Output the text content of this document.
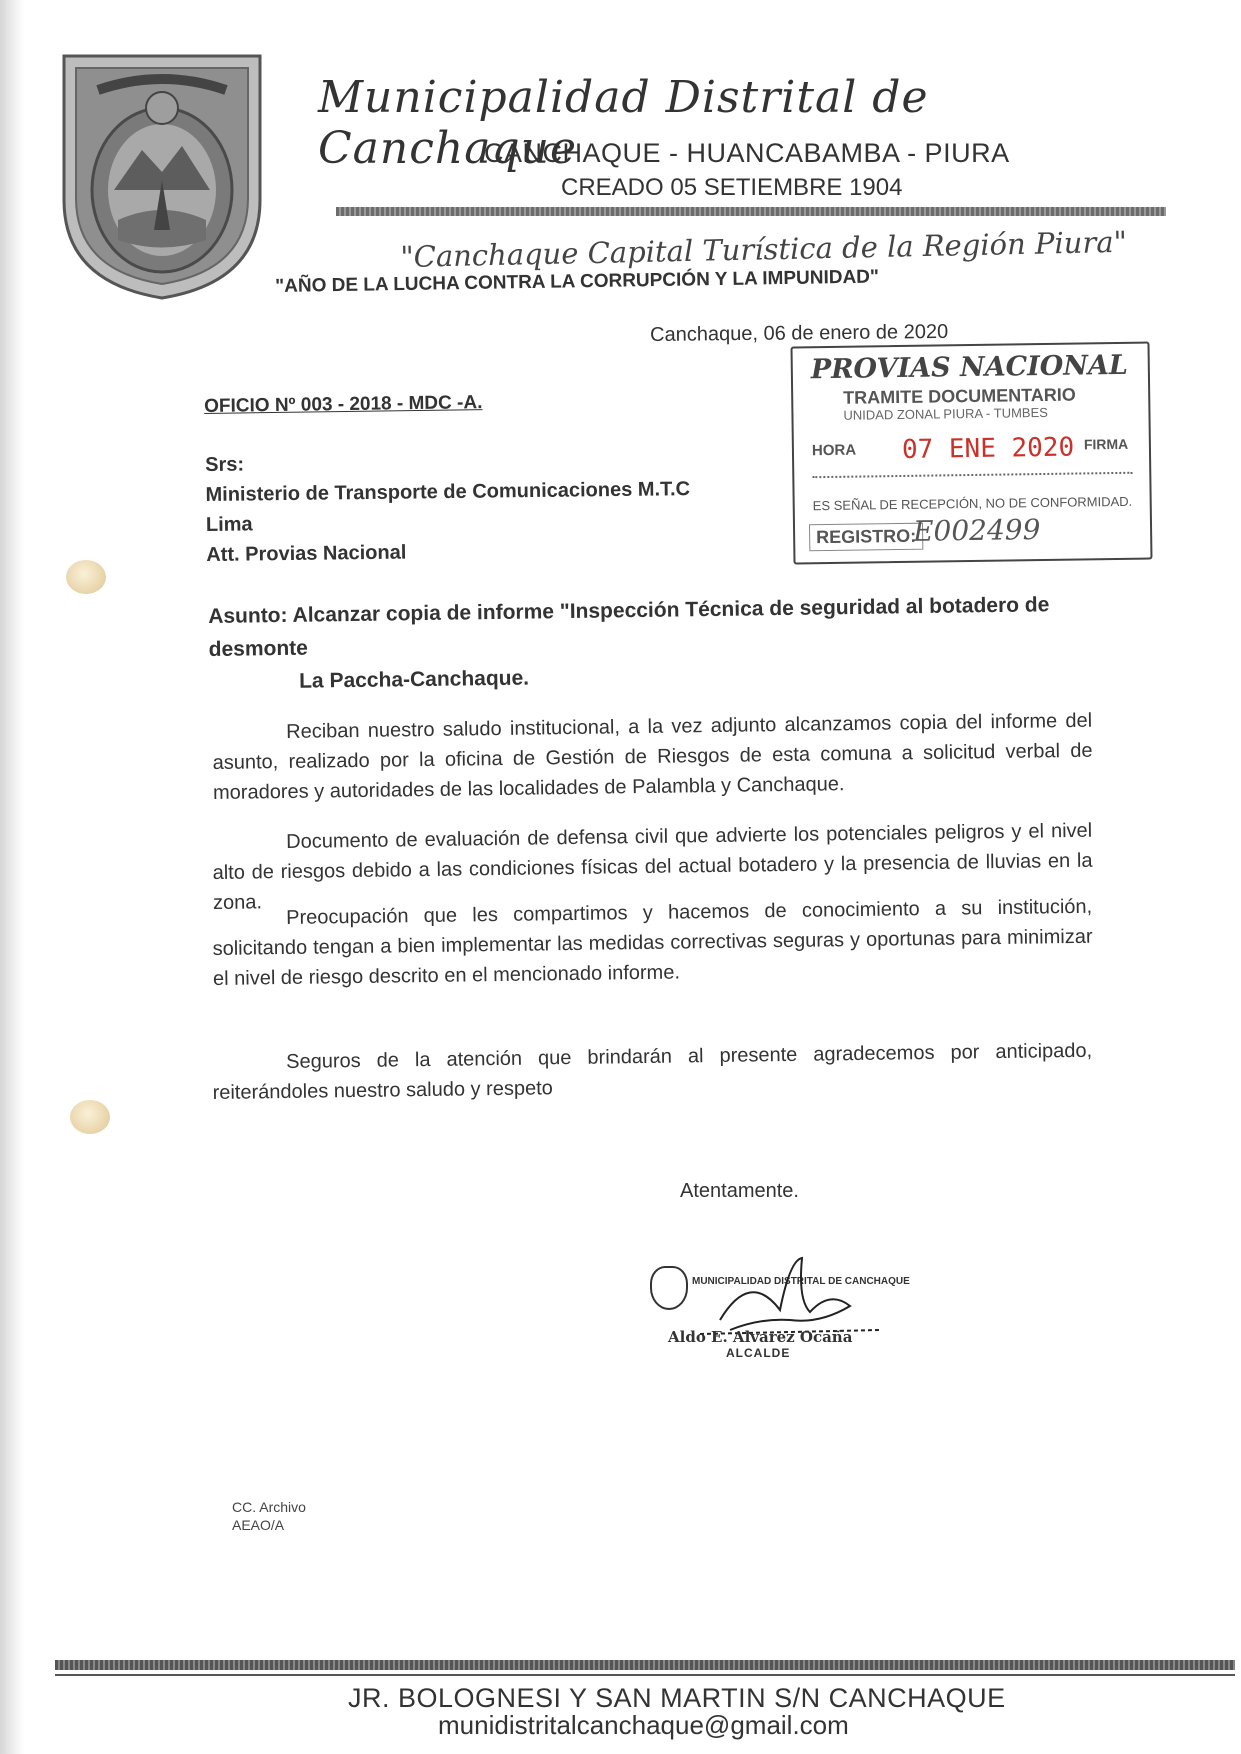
Municipalidad Distrital de Canchaque
CANCHAQUE - HUANCABAMBA - PIURA
CREADO 05 SETIEMBRE 1904
"Canchaque Capital Turística de la Región Piura"
"AÑO DE LA LUCHA CONTRA LA CORRUPCIÓN Y LA IMPUNIDAD"
Canchaque, 06 de enero de 2020
PROVIAS NACIONAL
TRAMITE DOCUMENTARIO
UNIDAD ZONAL PIURA - TUMBES
HORA 07 ENE 2020 FIRMA
ES SEÑAL DE RECEPCIÓN, NO DE CONFORMIDAD.
REGISTRO:
E002499
OFICIO Nº 003 - 2018 - MDC -A.
Srs:
Ministerio de Transporte de Comunicaciones M.T.C
Lima
Att. Provias Nacional
Asunto: Alcanzar copia de informe "Inspección Técnica de seguridad al botadero de desmonte
La Paccha-Canchaque.
Reciban nuestro saludo institucional, a la vez adjunto alcanzamos copia del informe del asunto, realizado por la oficina de Gestión de Riesgos de esta comuna a solicitud verbal de moradores y autoridades de las localidades de Palambla y Canchaque.
Documento de evaluación de defensa civil que advierte los potenciales peligros y el nivel alto de riesgos debido a las condiciones físicas del actual botadero y la presencia de lluvias en la zona.	Preocupación que les compartimos y hacemos de conocimiento a su institución, solicitando tengan a bien implementar las medidas correctivas seguras y oportunas para minimizar el nivel de riesgo descrito en el mencionado informe.
Seguros de la atención que brindarán al presente agradecemos por anticipado, reiterándoles nuestro saludo y respeto
Atentamente.
MUNICIPALIDAD DISTRITAL DE CANCHAQUE
Aldo E. Alvarez Ocaña
ALCALDE
CC. Archivo
AEAO/A
JR. BOLOGNESI Y SAN MARTIN S/N CANCHAQUE
munidistritalcanchaque@gmail.com
